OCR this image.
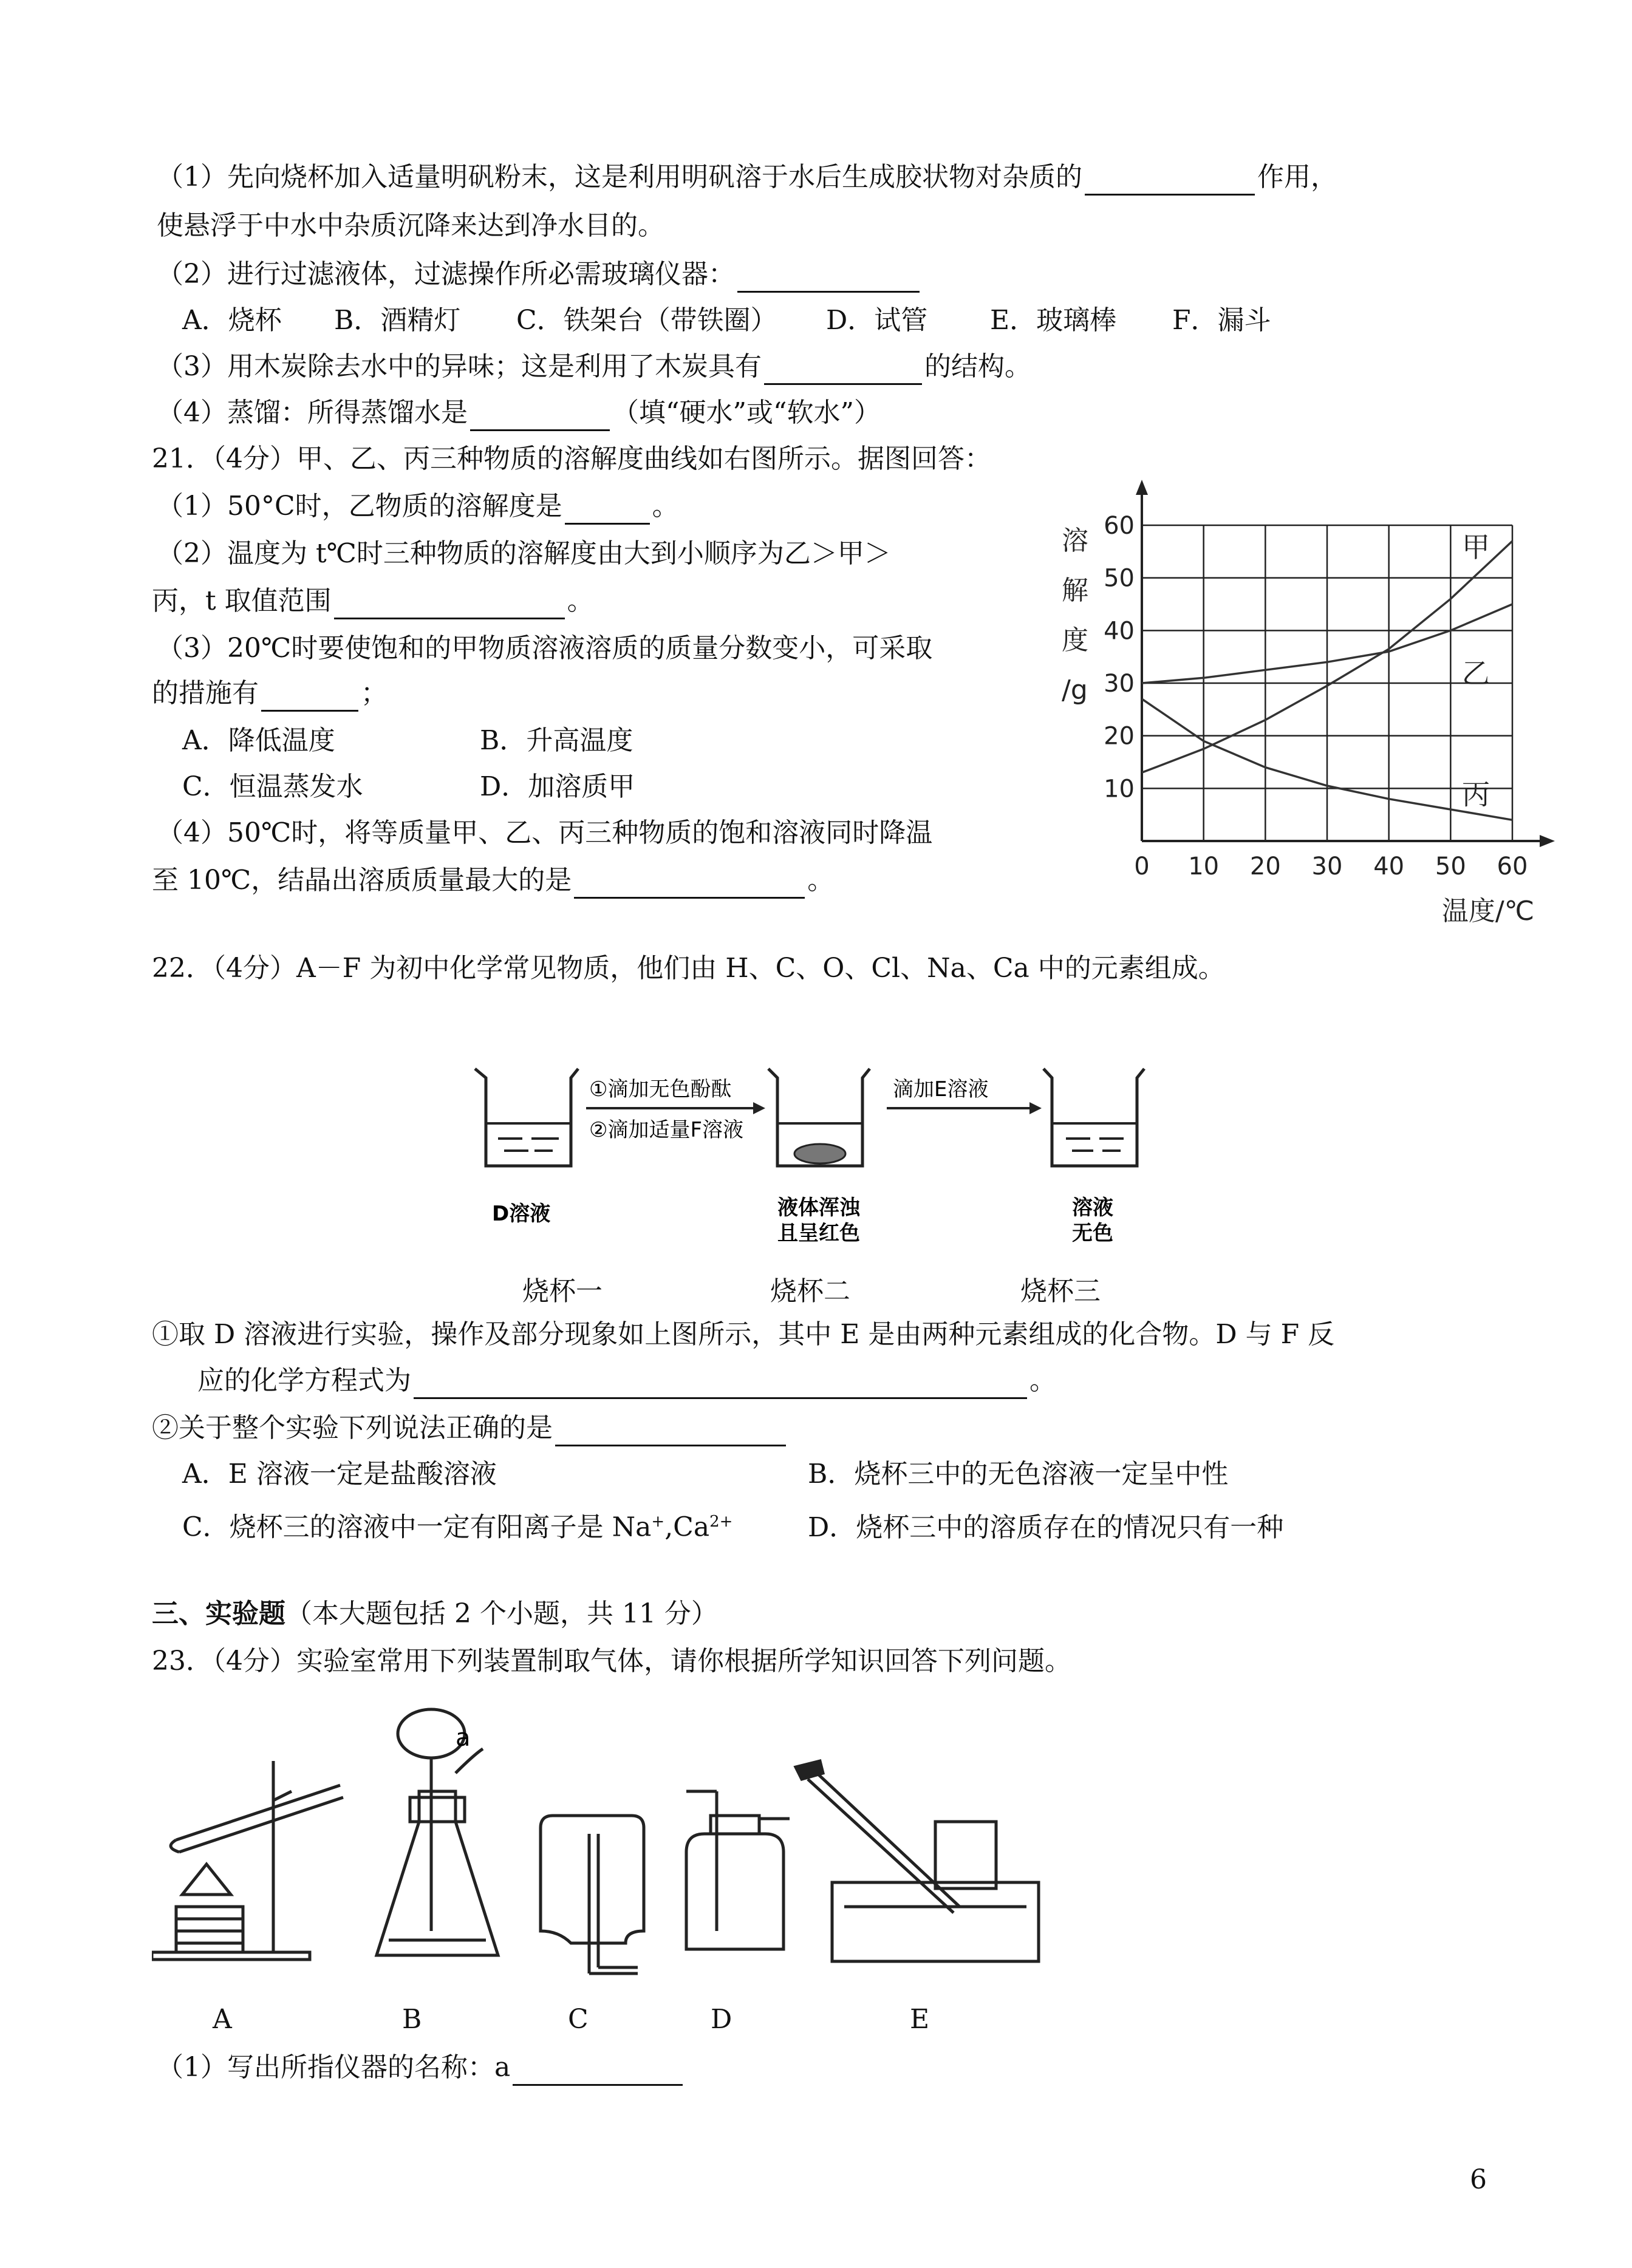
（1）先向烧杯加入适量明矾粉末，这是利用明矾溶于水后生成胶状物对杂质的	作用，
使悬浮于中水中杂质沉降来达到净水目的。
（2）进行过滤液体，过滤操作所必需玻璃仪器：
A．烧杯 B．酒精灯 C．铁架台（带铁圈） D．试管 E．玻璃棒 F．漏斗
（3）用木炭除去水中的异味；这是利用了木炭具有	的结构。
（4）蒸馏：所得蒸馏水是	（填“硬水”或“软水”）
21．（4分）甲、乙、丙三种物质的溶解度曲线如右图所示。据图回答：
（1）50°C时，乙物质的溶解度是	。
（2）温度为 t℃时三种物质的溶解度由大到小顺序为乙＞甲＞
丙，t 取值范围	。
（3）20℃时要使饱和的甲物质溶液溶质的质量分数变小，可采取
的措施有	；
A．降低温度	B．升高温度
C．恒温蒸发水	D．加溶质甲
（4）50℃时，将等质量甲、乙、丙三种物质的饱和溶液同时降温
至 10℃，结晶出溶质质量最大的是	。	0 10 20 30 40 50 60
10
20
30
40
50
60
溶
解
度
/g
温度/℃
甲
乙
丙
22．（4分）A－F 为初中化学常见物质，他们由 H、C、O、Cl、Na、Ca 中的元素组成。
①滴加无色酚酞
②滴加适量F溶液
滴加E溶液
D溶液	液体浑浊
且呈红色
溶液
无色
烧杯一	烧杯二	烧杯三
①取 D 溶液进行实验，操作及部分现象如上图所示，其中 E 是由两种元素组成的化合物。D 与 F 反
应的化学方程式为	。
②关于整个实验下列说法正确的是
A．E 溶液一定是盐酸溶液	B．烧杯三中的无色溶液一定呈中性
C．烧杯三的溶液中一定有阳离子是 $Na^+,Ca^{2+}$	D．烧杯三中的溶质存在的情况只有一种
三、实验题（本大题包括 2 个小题，共 11 分）
23．（4分）实验室常用下列装置制取气体，请你根据所学知识回答下列问题。
a
A	B	C	D	E
（1）写出所指仪器的名称：a
6
